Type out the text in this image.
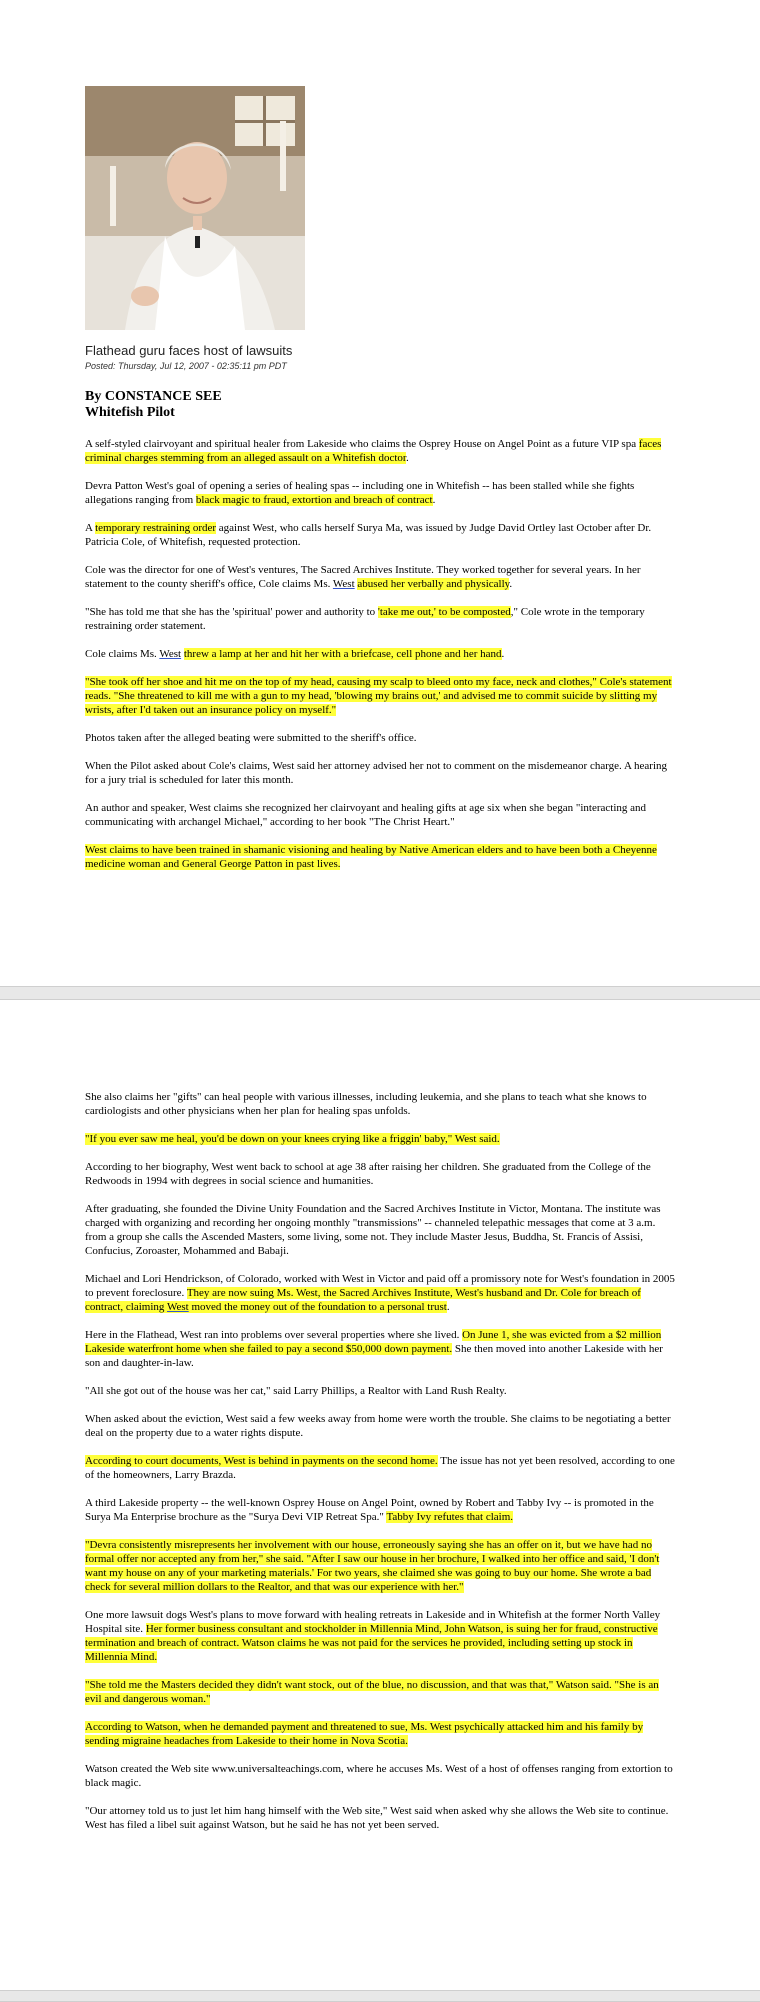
Flathead guru faces host of lawsuits

Posted: Thursday, Jul 12, 2007 - 02:35:11 pm PDT

By CONSTANCE SEE
Whitefish Pilot

A self-styled clairvoyant and spiritual healer from Lakeside who claims the Osprey House on Angel Point as a future VIP spa faces criminal charges stemming from an alleged assault on a Whitefish doctor.

Devra Patton West's goal of opening a series of healing spas -- including one in Whitefish -- has been stalled while she fights allegations ranging from black magic to fraud, extortion and breach of contract.

A temporary restraining order against West, who calls herself Surya Ma, was issued by Judge David Ortley last October after Dr. Patricia Cole, of Whitefish, requested protection.

Cole was the director for one of West's ventures, The Sacred Archives Institute. They worked together for several years. In her statement to the county sheriff's office, Cole claims Ms. West abused her verbally and physically.

"She has told me that she has the 'spiritual' power and authority to 'take me out,' to be composted," Cole wrote in the temporary restraining order statement.

Cole claims Ms. West threw a lamp at her and hit her with a briefcase, cell phone and her hand.

"She took off her shoe and hit me on the top of my head, causing my scalp to bleed onto my face, neck and clothes," Cole's statement reads. "She threatened to kill me with a gun to my head, 'blowing my brains out,' and advised me to commit suicide by slitting my wrists, after I'd taken out an insurance policy on myself."

Photos taken after the alleged beating were submitted to the sheriff's office.

When the Pilot asked about Cole's claims, West said her attorney advised her not to comment on the misdemeanor charge. A hearing for a jury trial is scheduled for later this month.

An author and speaker, West claims she recognized her clairvoyant and healing gifts at age six when she began "interacting and communicating with archangel Michael," according to her book "The Christ Heart."

West claims to have been trained in shamanic visioning and healing by Native American elders and to have been both a Cheyenne medicine woman and General George Patton in past lives.

She also claims her "gifts" can heal people with various illnesses, including leukemia, and she plans to teach what she knows to cardiologists and other physicians when her plan for healing spas unfolds.

"If you ever saw me heal, you'd be down on your knees crying like a friggin' baby," West said.

According to her biography, West went back to school at age 38 after raising her children. She graduated from the College of the Redwoods in 1994 with degrees in social science and humanities.

After graduating, she founded the Divine Unity Foundation and the Sacred Archives Institute in Victor, Montana. The institute was charged with organizing and recording her ongoing monthly "transmissions" -- channeled telepathic messages that come at 3 a.m. from a group she calls the Ascended Masters, some living, some not. They include Master Jesus, Buddha, St. Francis of Assisi, Confucius, Zoroaster, Mohammed and Babaji.

Michael and Lori Hendrickson, of Colorado, worked with West in Victor and paid off a promissory note for West's foundation in 2005 to prevent foreclosure. They are now suing Ms. West, the Sacred Archives Institute, West's husband and Dr. Cole for breach of contract, claiming West moved the money out of the foundation to a personal trust.

Here in the Flathead, West ran into problems over several properties where she lived. On June 1, she was evicted from a $2 million Lakeside waterfront home when she failed to pay a second $50,000 down payment. She then moved into another Lakeside with her son and daughter-in-law.

"All she got out of the house was her cat," said Larry Phillips, a Realtor with Land Rush Realty.

When asked about the eviction, West said a few weeks away from home were worth the trouble. She claims to be negotiating a better deal on the property due to a water rights dispute.

According to court documents, West is behind in payments on the second home. The issue has not yet been resolved, according to one of the homeowners, Larry Brazda.

A third Lakeside property -- the well-known Osprey House on Angel Point, owned by Robert and Tabby Ivy -- is promoted in the Surya Ma Enterprise brochure as the "Surya Devi VIP Retreat Spa." Tabby Ivy refutes that claim.

"Devra consistently misrepresents her involvement with our house, erroneously saying she has an offer on it, but we have had no formal offer nor accepted any from her," she said. "After I saw our house in her brochure, I walked into her office and said, 'I don't want my house on any of your marketing materials.' For two years, she claimed she was going to buy our home. She wrote a bad check for several million dollars to the Realtor, and that was our experience with her."

One more lawsuit dogs West's plans to move forward with healing retreats in Lakeside and in Whitefish at the former North Valley Hospital site. Her former business consultant and stockholder in Millennia Mind, John Watson, is suing her for fraud, constructive termination and breach of contract. Watson claims he was not paid for the services he provided, including setting up stock in Millennia Mind.

"She told me the Masters decided they didn't want stock, out of the blue, no discussion, and that was that," Watson said. "She is an evil and dangerous woman."

According to Watson, when he demanded payment and threatened to sue, Ms. West psychically attacked him and his family by sending migraine headaches from Lakeside to their home in Nova Scotia.

Watson created the Web site www.universalteachings.com, where he accuses Ms. West of a host of offenses ranging from extortion to black magic.

"Our attorney told us to just let him hang himself with the Web site," West said when asked why she allows the Web site to continue. West has filed a libel suit against Watson, but he said he has not yet been served.
